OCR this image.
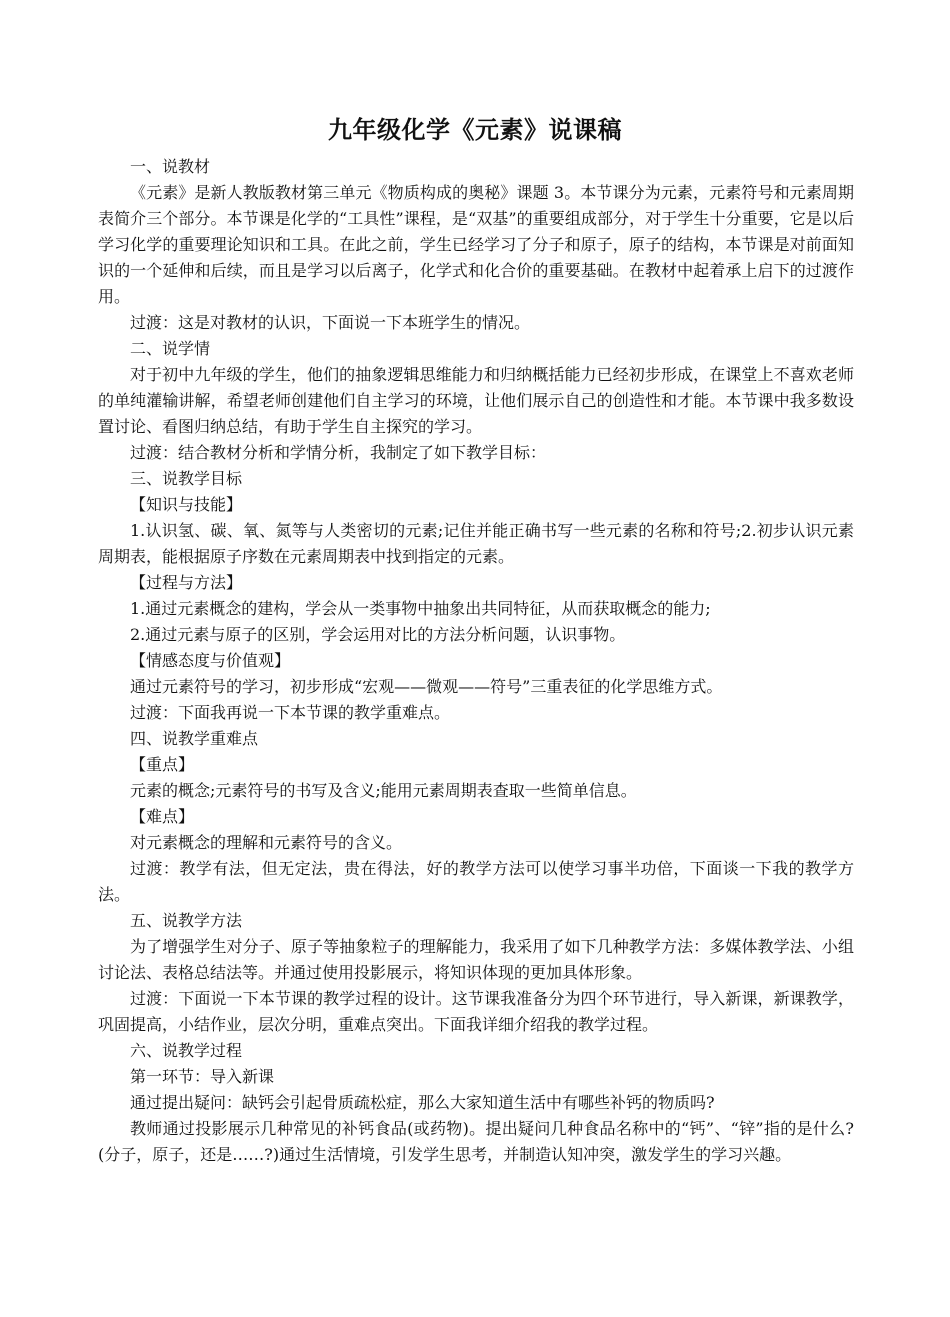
九年级化学《元素》说课稿

一、说教材

《元素》是新人教版教材第三单元《物质构成的奥秘》课题 3。本节课分为元素，元素符号和元素周期表简介三个部分。本节课是化学的“工具性”课程，是“双基”的重要组成部分，对于学生十分重要，它是以后学习化学的重要理论知识和工具。在此之前，学生已经学习了分子和原子，原子的结构，本节课是对前面知识的一个延伸和后续，而且是学习以后离子，化学式和化合价的重要基础。在教材中起着承上启下的过渡作用。

过渡：这是对教材的认识，下面说一下本班学生的情况。

二、说学情

对于初中九年级的学生，他们的抽象逻辑思维能力和归纳概括能力已经初步形成，在课堂上不喜欢老师的单纯灌输讲解，希望老师创建他们自主学习的环境，让他们展示自己的创造性和才能。本节课中我多数设置讨论、看图归纳总结，有助于学生自主探究的学习。

过渡：结合教材分析和学情分析，我制定了如下教学目标：

三、说教学目标

【知识与技能】

1.认识氢、碳、氧、氮等与人类密切的元素;记住并能正确书写一些元素的名称和符号;2.初步认识元素周期表，能根据原子序数在元素周期表中找到指定的元素。

【过程与方法】

1.通过元素概念的建构，学会从一类事物中抽象出共同特征，从而获取概念的能力;

2.通过元素与原子的区别，学会运用对比的方法分析问题，认识事物。

【情感态度与价值观】

通过元素符号的学习，初步形成“宏观——微观——符号”三重表征的化学思维方式。

过渡：下面我再说一下本节课的教学重难点。

四、说教学重难点

【重点】

元素的概念;元素符号的书写及含义;能用元素周期表查取一些简单信息。

【难点】

对元素概念的理解和元素符号的含义。

过渡：教学有法，但无定法，贵在得法，好的教学方法可以使学习事半功倍，下面谈一下我的教学方法。

五、说教学方法

为了增强学生对分子、原子等抽象粒子的理解能力，我采用了如下几种教学方法：多媒体教学法、小组讨论法、表格总结法等。并通过使用投影展示，将知识体现的更加具体形象。

过渡：下面说一下本节课的教学过程的设计。这节课我准备分为四个环节进行，导入新课，新课教学，巩固提高，小结作业，层次分明，重难点突出。下面我详细介绍我的教学过程。

六、说教学过程

第一环节：导入新课

通过提出疑问：缺钙会引起骨质疏松症，那么大家知道生活中有哪些补钙的物质吗?

教师通过投影展示几种常见的补钙食品(或药物)。提出疑问几种食品名称中的“钙”、“锌”指的是什么?(分子，原子，还是……?)通过生活情境，引发学生思考，并制造认知冲突，激发学生的学习兴趣。
